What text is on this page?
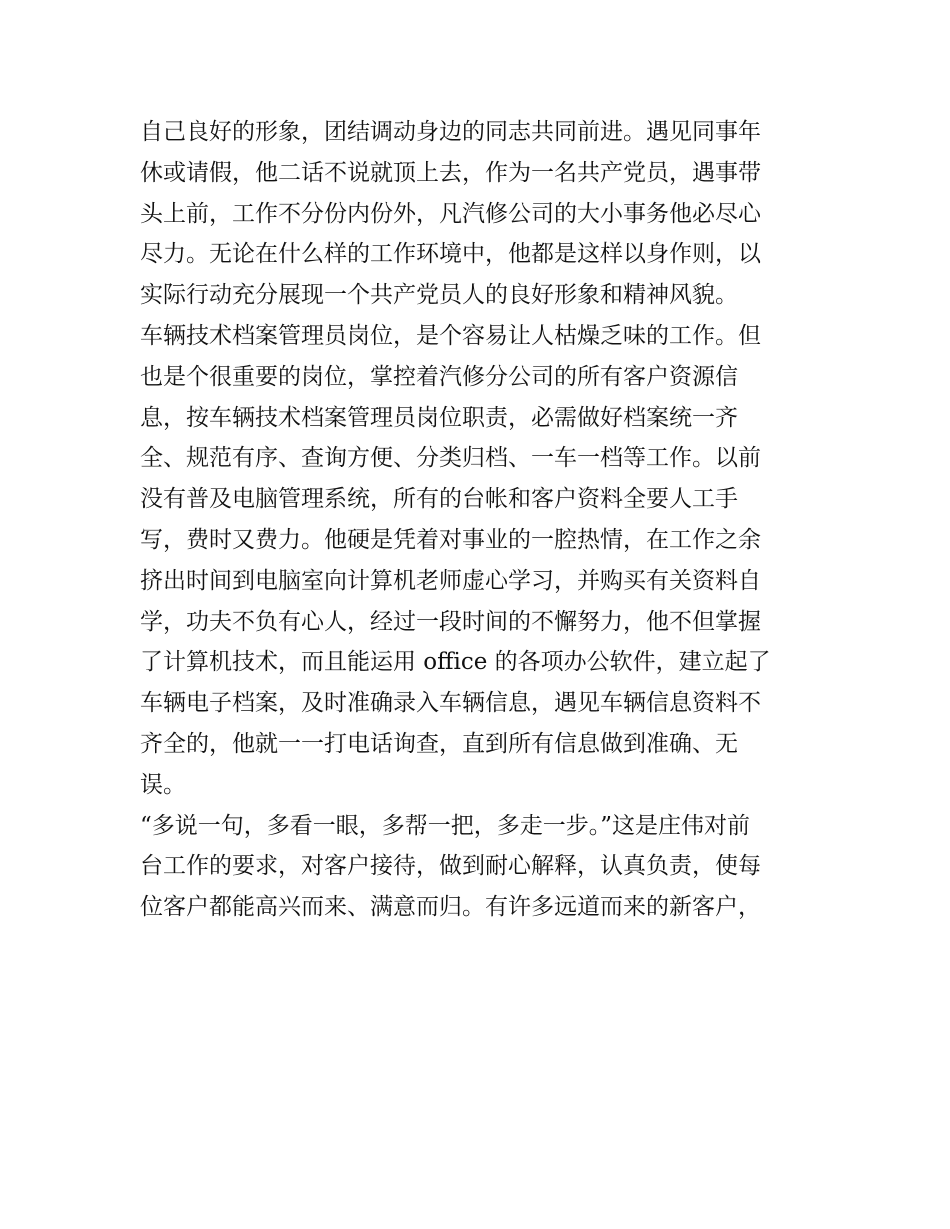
自己良好的形象，团结调动身边的同志共同前进。遇见同事年
休或请假，他二话不说就顶上去，作为一名共产党员，遇事带
头上前，工作不分份内份外，凡汽修公司的大小事务他必尽心
尽力。无论在什么样的工作环境中，他都是这样以身作则，以
实际行动充分展现一个共产党员人的良好形象和精神风貌。
车辆技术档案管理员岗位，是个容易让人枯燥乏味的工作。但
也是个很重要的岗位，掌控着汽修分公司的所有客户资源信
息，按车辆技术档案管理员岗位职责，必需做好档案统一齐
全、规范有序、查询方便、分类归档、一车一档等工作。以前
没有普及电脑管理系统，所有的台帐和客户资料全要人工手
写，费时又费力。他硬是凭着对事业的一腔热情，在工作之余
挤出时间到电脑室向计算机老师虚心学习，并购买有关资料自
学，功夫不负有心人，经过一段时间的不懈努力，他不但掌握
了计算机技术，而且能运用 office 的各项办公软件，建立起了
车辆电子档案，及时准确录入车辆信息，遇见车辆信息资料不
齐全的，他就一一打电话询查，直到所有信息做到准确、无
误。
“多说一句，多看一眼，多帮一把，多走一步。”这是庄伟对前
台工作的要求，对客户接待，做到耐心解释，认真负责，使每
位客户都能高兴而来、满意而归。有许多远道而来的新客户，
